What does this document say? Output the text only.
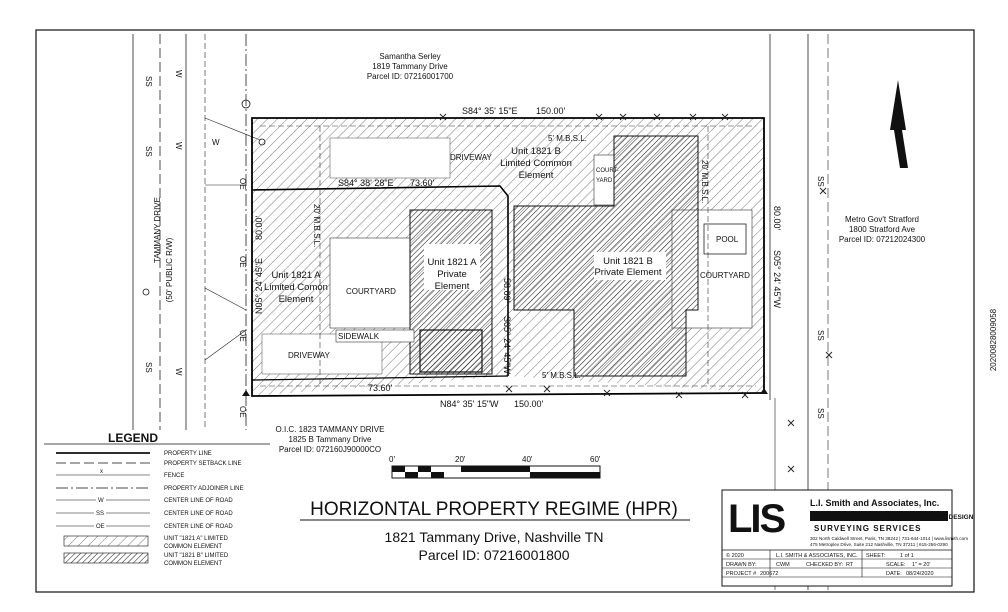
SS
SS
SS
W
W
W
OE
OE
OE
OE
SS
SS
SS
W
TAMMANY DRIVE
(50' PUBLIC R/W)
S84° 35' 15"E 150.00'
N84° 35' 15"W 150.00'
N05° 24' 45"E
80.00'
S05° 24' 45"W
80.00'
S84° 38' 28"E 73.60'
S05° 24' 45"W
58.69'
73.60'
5' M.B.S.L.
5' M.B.S.L.
20' M.B.S.L.
20' M.B.S.L.
Unit 1821 A
Limited Comon
Element
Unit 1821 A
Private
Element
Unit 1821 B
Limited Common
Element
Unit 1821 B
Private Element
DRIVEWAY
DRIVEWAY
COURTYARD
COURTYARD
SIDEWALK
POOL
COURT-
YARD
Samantha Serley
1819 Tammany Drive
Parcel ID: 07216001700
Metro Gov't Stratford
1800 Stratford Ave
Parcel ID: 07212024300
O.I.C. 1823 TAMMANY DRIVE
1825 B Tammany Drive
Parcel ID: 072160J90000CO
N
20200828009058
0'	20'	40'	60'
LEGEND
PROPERTY LINE
PROPERTY SETBACK LINE
x
FENCE
PROPERTY ADJOINER LINE
W	CENTER LINE OF ROAD
SS	CENTER LINE OF ROAD
OE	CENTER LINE OF ROAD
UNIT "1821 A" LIMITED
COMMON ELEMENT
UNIT "1821 B" LIMITED
COMMON ELEMENT
HORIZONTAL PROPERTY REGIME (HPR)
1821 Tammany Drive, Nashville TN
Parcel ID: 07216001800
LIS	L.I. Smith and Associates, Inc.
LAND DEVELOPMENT | INFRASTRUCTURE DESIGN
SURVEYING SERVICES
302 North Caldwell Street, Paris, TN 38242 | 731-644-1014 | www.lismith.com
475 Metroplex Drive, Suite 212 Nashville, TN 37211 | 615-256-0290
© 2020	L.I. SMITH & ASSOCIATES, INC. SHEET:	1 of 1
DRAWN BY:	CWM	CHECKED BY: RT	SCALE: 1" = 20'
PROJECT # 200672	DATE: 08/24/2020
